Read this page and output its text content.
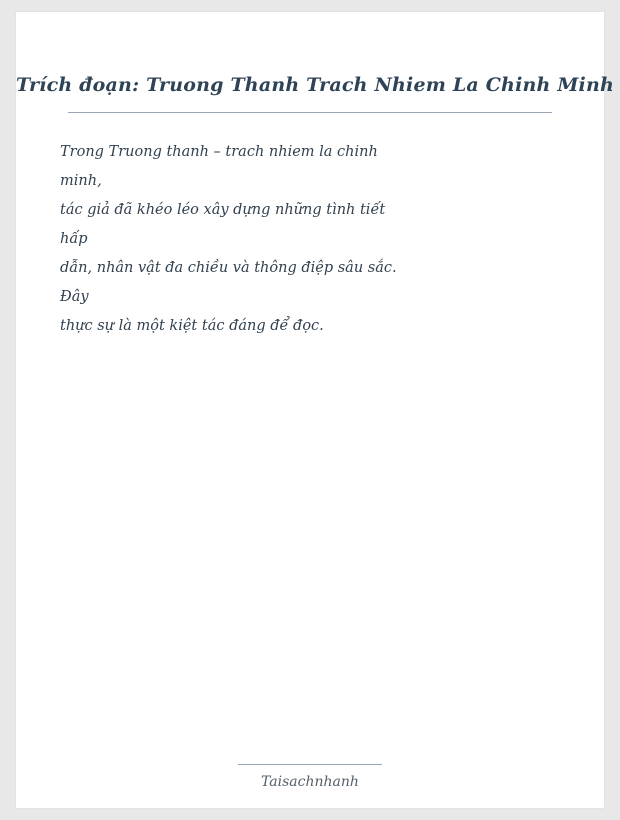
Trích đoạn: Truong Thanh Trach Nhiem La Chinh Minh
Trong Truong thanh – trach nhiem la chinh
minh,
tác giả đã khéo léo xây dựng những tình tiết
hấp
dẫn, nhân vật đa chiều và thông điệp sâu sắc.
Đây
thực sự là một kiệt tác đáng để đọc.
Taisachnhanh
